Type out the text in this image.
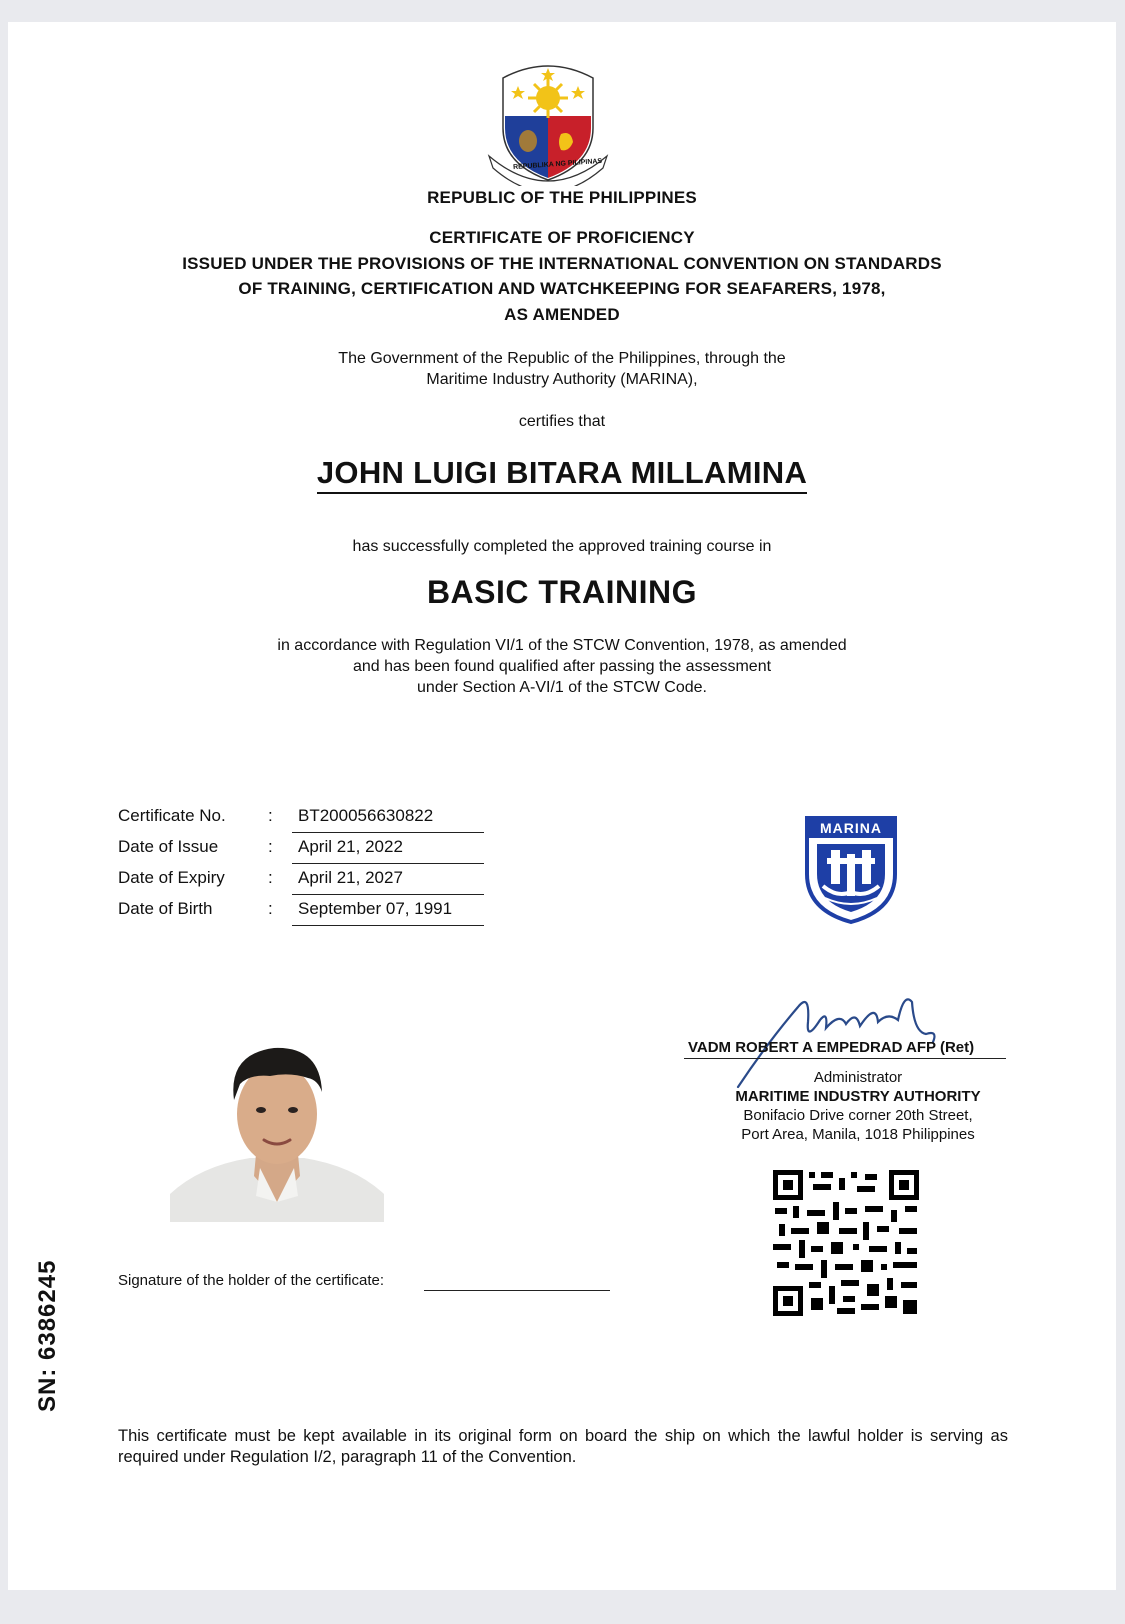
REPUBLIKA NG PILIPINAS
REPUBLIC OF THE PHILIPPINES
CERTIFICATE OF PROFICIENCY
ISSUED UNDER THE PROVISIONS OF THE INTERNATIONAL CONVENTION ON STANDARDS
OF TRAINING, CERTIFICATION AND WATCHKEEPING FOR SEAFARERS, 1978,
AS AMENDED
The Government of the Republic of the Philippines, through the
Maritime Industry Authority (MARINA),
certifies that
JOHN LUIGI BITARA MILLAMINA
has successfully completed the approved training course in
BASIC TRAINING
in accordance with Regulation VI/1 of the STCW Convention, 1978, as amended
and has been found qualified after passing the assessment
under Section A-VI/1 of the STCW Code.
Certificate No.	:	BT200056630822
Date of Issue	:	April 21, 2022
Date of Expiry	:	April 21, 2027
Date of Birth	:	September 07, 1991
MARINA
VADM ROBERT A EMPEDRAD AFP (Ret)
Administrator
MARITIME INDUSTRY AUTHORITY
Bonifacio Drive corner 20th Street,
Port Area, Manila, 1018 Philippines
Signature of the holder of the certificate:
This certificate must be kept available in its original form on board the ship on which the lawful holder is serving as required under Regulation I/2, paragraph 11 of the Convention.
SN: 6386245
